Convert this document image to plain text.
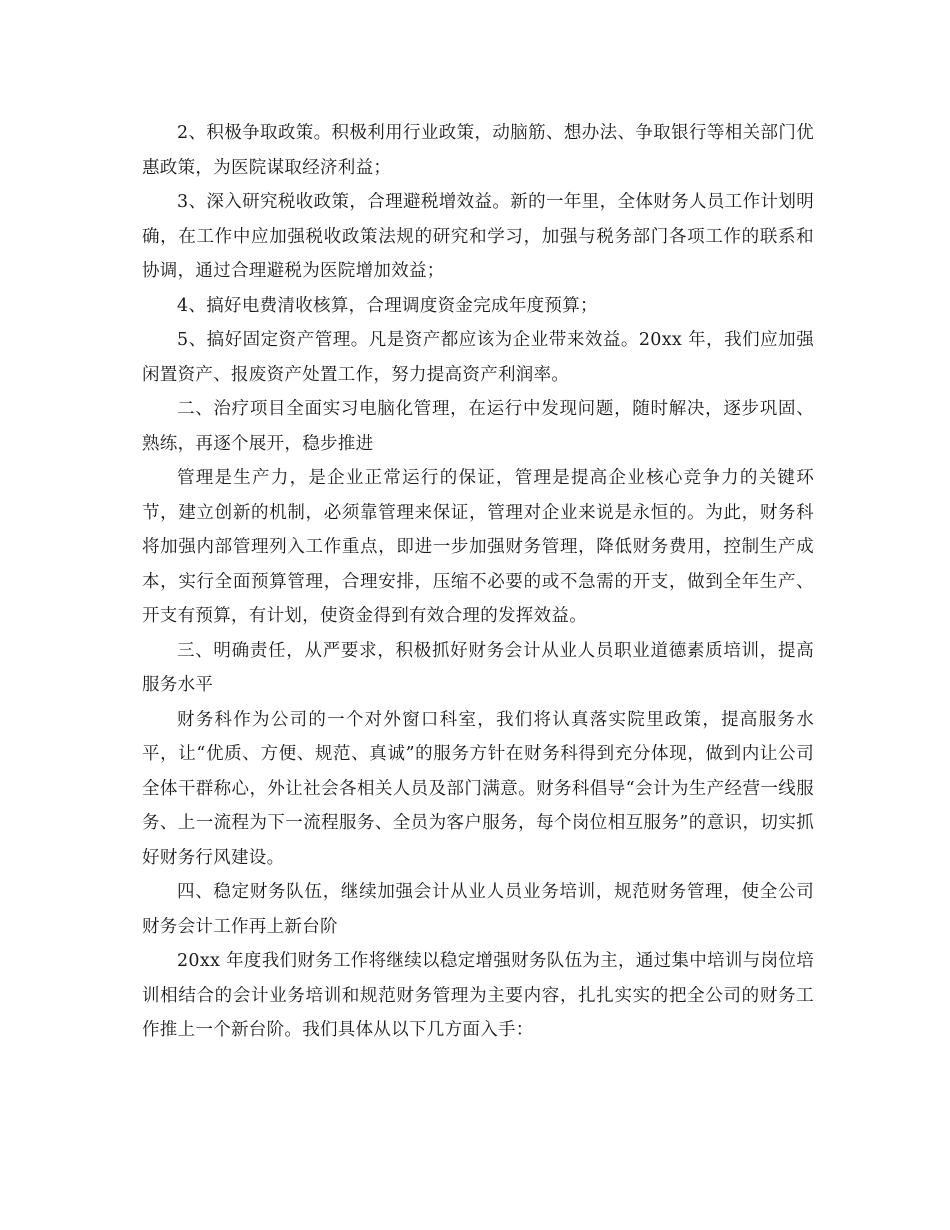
2、积极争取政策。积极利用行业政策，动脑筋、想办法、争取银行等相关部门优惠政策，为医院谋取经济利益；

3、深入研究税收政策，合理避税增效益。新的一年里，全体财务人员工作计划明确，在工作中应加强税收政策法规的研究和学习，加强与税务部门各项工作的联系和协调，通过合理避税为医院增加效益；

4、搞好电费清收核算，合理调度资金完成年度预算；

5、搞好固定资产管理。凡是资产都应该为企业带来效益。20xx 年，我们应加强闲置资产、报废资产处置工作，努力提高资产利润率。

二、治疗项目全面实习电脑化管理，在运行中发现问题，随时解决，逐步巩固、熟练，再逐个展开，稳步推进

管理是生产力，是企业正常运行的保证，管理是提高企业核心竞争力的关键环节，建立创新的机制，必须靠管理来保证，管理对企业来说是永恒的。为此，财务科将加强内部管理列入工作重点，即进一步加强财务管理，降低财务费用，控制生产成本，实行全面预算管理，合理安排，压缩不必要的或不急需的开支，做到全年生产、开支有预算，有计划，使资金得到有效合理的发挥效益。

三、明确责任，从严要求，积极抓好财务会计从业人员职业道德素质培训，提高服务水平

财务科作为公司的一个对外窗口科室，我们将认真落实院里政策，提高服务水平，让“优质、方便、规范、真诚”的服务方针在财务科得到充分体现，做到内让公司全体干群称心，外让社会各相关人员及部门满意。财务科倡导“会计为生产经营一线服务、上一流程为下一流程服务、全员为客户服务，每个岗位相互服务”的意识，切实抓好财务行风建设。

四、稳定财务队伍，继续加强会计从业人员业务培训，规范财务管理，使全公司财务会计工作再上新台阶

20xx 年度我们财务工作将继续以稳定增强财务队伍为主，通过集中培训与岗位培训相结合的会计业务培训和规范财务管理为主要内容，扎扎实实的把全公司的财务工作推上一个新台阶。我们具体从以下几方面入手：
